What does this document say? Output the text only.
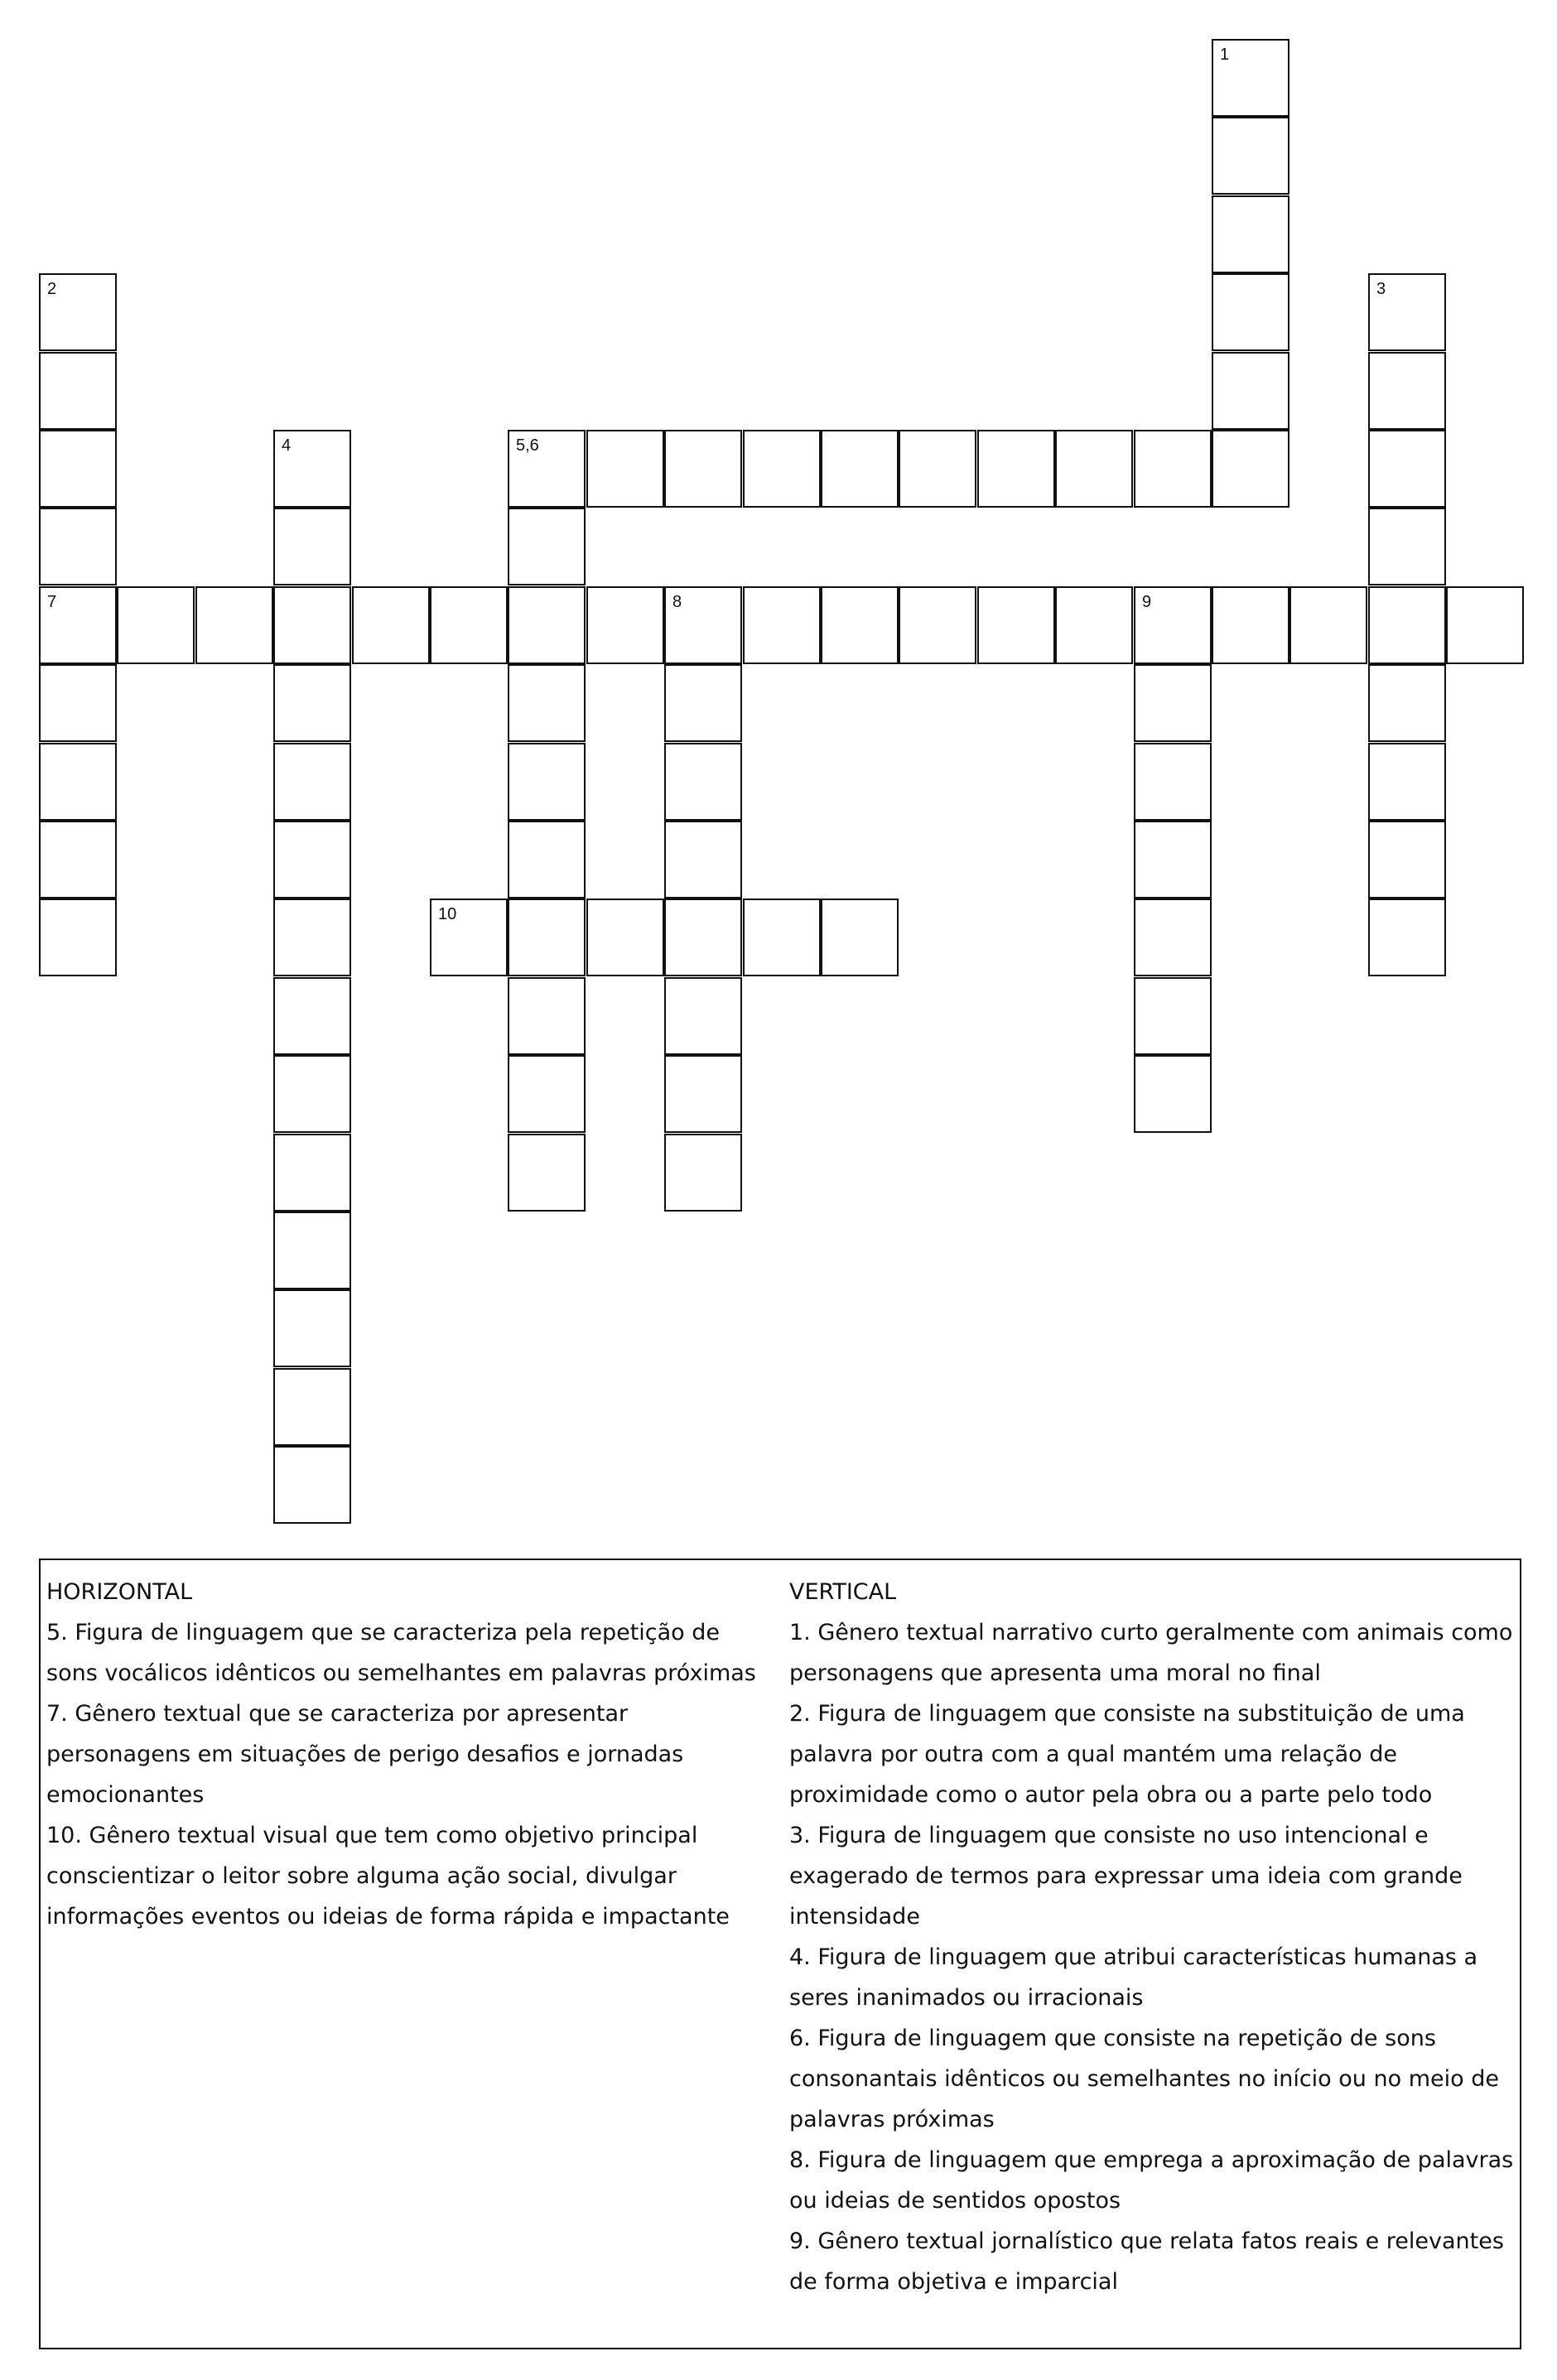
1
2
7
3
4	5,6
8	9
10

HORIZONTAL

5. Figura de linguagem que se caracteriza pela repetição de sons vocálicos idênticos ou semelhantes em palavras próximas

7. Gênero textual que se caracteriza por apresentar personagens em situações de perigo desafios e jornadas emocionantes

10. Gênero textual visual que tem como objetivo principal conscientizar o leitor sobre alguma ação social, divulgar informações eventos ou ideias de forma rápida e impactante

VERTICAL

1. Gênero textual narrativo curto geralmente com animais como personagens que apresenta uma moral no final

2. Figura de linguagem que consiste na substituição de uma palavra por outra com a qual mantém uma relação de proximidade como o autor pela obra ou a parte pelo todo

3. Figura de linguagem que consiste no uso intencional e exagerado de termos para expressar uma ideia com grande intensidade

4. Figura de linguagem que atribui características humanas a seres inanimados ou irracionais

6. Figura de linguagem que consiste na repetição de sons consonantais idênticos ou semelhantes no início ou no meio de palavras próximas

8. Figura de linguagem que emprega a aproximação de palavras ou ideias de sentidos opostos

9. Gênero textual jornalístico que relata fatos reais e relevantes de forma objetiva e imparcial
